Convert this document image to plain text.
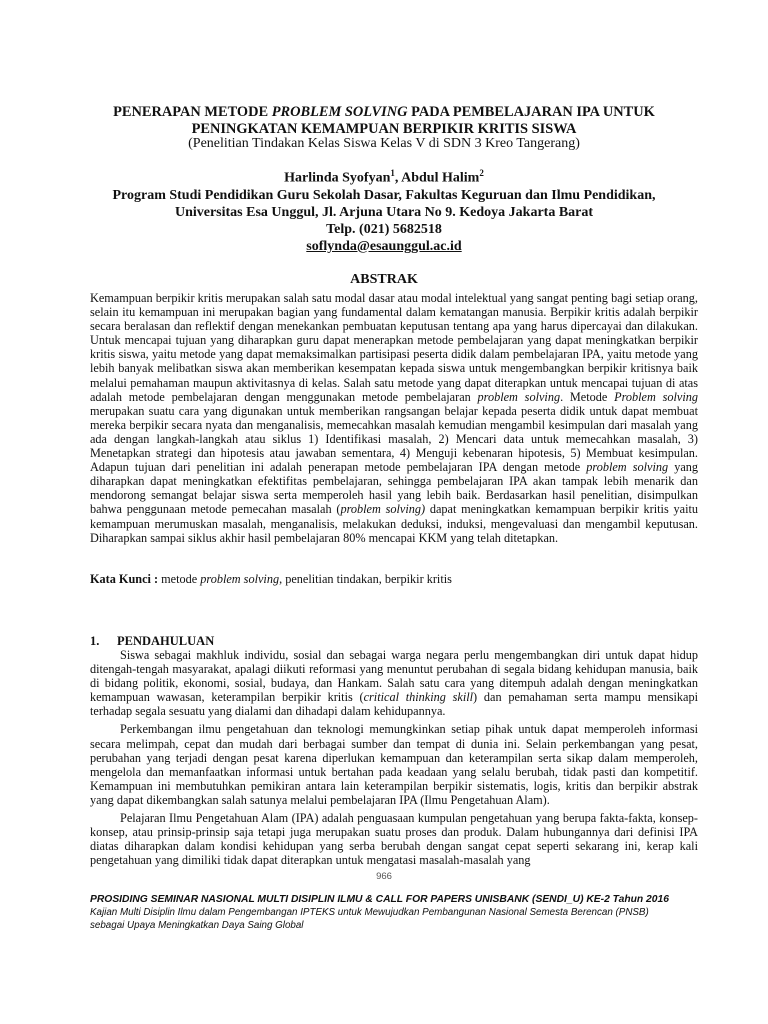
PENERAPAN METODE PROBLEM SOLVING PADA PEMBELAJARAN IPA UNTUK
PENINGKATAN KEMAMPUAN BERPIKIR KRITIS SISWA
(Penelitian Tindakan Kelas Siswa Kelas V di SDN 3 Kreo Tangerang)
Harlinda Syofyan$^1$, Abdul Halim$^2$
Program Studi Pendidikan Guru Sekolah Dasar, Fakultas Keguruan dan Ilmu Pendidikan,
Universitas Esa Unggul, Jl. Arjuna Utara No 9. Kedoya Jakarta Barat
Telp. (021) 5682518
soflynda@esaunggul.ac.id
ABSTRAK
Kemampuan berpikir kritis merupakan salah satu modal dasar atau modal intelektual yang sangat penting bagi setiap orang, selain itu kemampuan ini merupakan bagian yang fundamental dalam kematangan manusia. Berpikir kritis adalah berpikir secara beralasan dan reflektif dengan menekankan pembuatan keputusan tentang apa yang harus dipercayai dan dilakukan. Untuk mencapai tujuan yang diharapkan guru dapat menerapkan metode pembelajaran yang dapat meningkatkan berpikir kritis siswa, yaitu metode yang dapat memaksimalkan partisipasi peserta didik dalam pembelajaran IPA, yaitu metode yang lebih banyak melibatkan siswa akan memberikan kesempatan kepada siswa untuk mengembangkan berpikir kritisnya baik melalui pemahaman maupun aktivitasnya di kelas. Salah satu metode yang dapat diterapkan untuk mencapai tujuan di atas adalah metode pembelajaran dengan menggunakan metode pembelajaran problem solving. Metode Problem solving merupakan suatu cara yang digunakan untuk memberikan rangsangan belajar kepada peserta didik untuk dapat membuat mereka berpikir secara nyata dan menganalisis, memecahkan masalah kemudian mengambil kesimpulan dari masalah yang ada dengan langkah-langkah atau siklus 1) Identifikasi masalah, 2) Mencari data untuk memecahkan masalah, 3) Menetapkan strategi dan hipotesis atau jawaban sementara, 4) Menguji kebenaran hipotesis, 5) Membuat kesimpulan. Adapun tujuan dari penelitian ini adalah penerapan metode pembelajaran IPA dengan metode problem solving yang diharapkan dapat meningkatkan efektifitas pembelajaran, sehingga pembelajaran IPA akan tampak lebih menarik dan mendorong semangat belajar siswa serta memperoleh hasil yang lebih baik. Berdasarkan hasil penelitian, disimpulkan bahwa penggunaan metode pemecahan masalah (problem solving) dapat meningkatkan kemampuan berpikir kritis yaitu kemampuan merumuskan masalah, menganalisis, melakukan deduksi, induksi, mengevaluasi dan mengambil keputusan. Diharapkan sampai siklus akhir hasil pembelajaran 80% mencapai KKM yang telah ditetapkan.
Kata Kunci : metode problem solving, penelitian tindakan, berpikir kritis
1. PENDAHULUAN

Siswa sebagai makhluk individu, sosial dan sebagai warga negara perlu mengembangkan diri untuk dapat hidup ditengah-tengah masyarakat, apalagi diikuti reformasi yang menuntut perubahan di segala bidang kehidupan manusia, baik di bidang politik, ekonomi, sosial, budaya, dan Hankam. Salah satu cara yang ditempuh adalah dengan meningkatkan kemampuan wawasan, keterampilan berpikir kritis (critical thinking skill) dan pemahaman serta mampu mensikapi terhadap segala sesuatu yang dialami dan dihadapi dalam kehidupannya.

Perkembangan ilmu pengetahuan dan teknologi memungkinkan setiap pihak untuk dapat memperoleh informasi secara melimpah, cepat dan mudah dari berbagai sumber dan tempat di dunia ini. Selain perkembangan yang pesat, perubahan yang terjadi dengan pesat karena diperlukan kemampuan dan keterampilan serta sikap dalam memperoleh, mengelola dan memanfaatkan informasi untuk bertahan pada keadaan yang selalu berubah, tidak pasti dan kompetitif. Kemampuan ini membutuhkan pemikiran antara lain keterampilan berpikir sistematis, logis, kritis dan berpikir abstrak yang dapat dikembangkan salah satunya melalui pembelajaran IPA (Ilmu Pengetahuan Alam).

Pelajaran Ilmu Pengetahuan Alam (IPA) adalah penguasaan kumpulan pengetahuan yang berupa fakta-fakta, konsep-konsep, atau prinsip-prinsip saja tetapi juga merupakan suatu proses dan produk. Dalam hubungannya dari definisi IPA diatas diharapkan dalam kondisi kehidupan yang serba berubah dengan sangat cepat seperti sekarang ini, kerap kali pengetahuan yang dimiliki tidak dapat diterapkan untuk mengatasi masalah-masalah yang

966
PROSIDING SEMINAR NASIONAL MULTI DISIPLIN ILMU & CALL FOR PAPERS UNISBANK (SENDI_U) KE-2 Tahun 2016
Kajian Multi Disiplin Ilmu dalam Pengembangan IPTEKS untuk Mewujudkan Pembangunan Nasional Semesta Berencan (PNSB)
sebagai Upaya Meningkatkan Daya Saing Global
